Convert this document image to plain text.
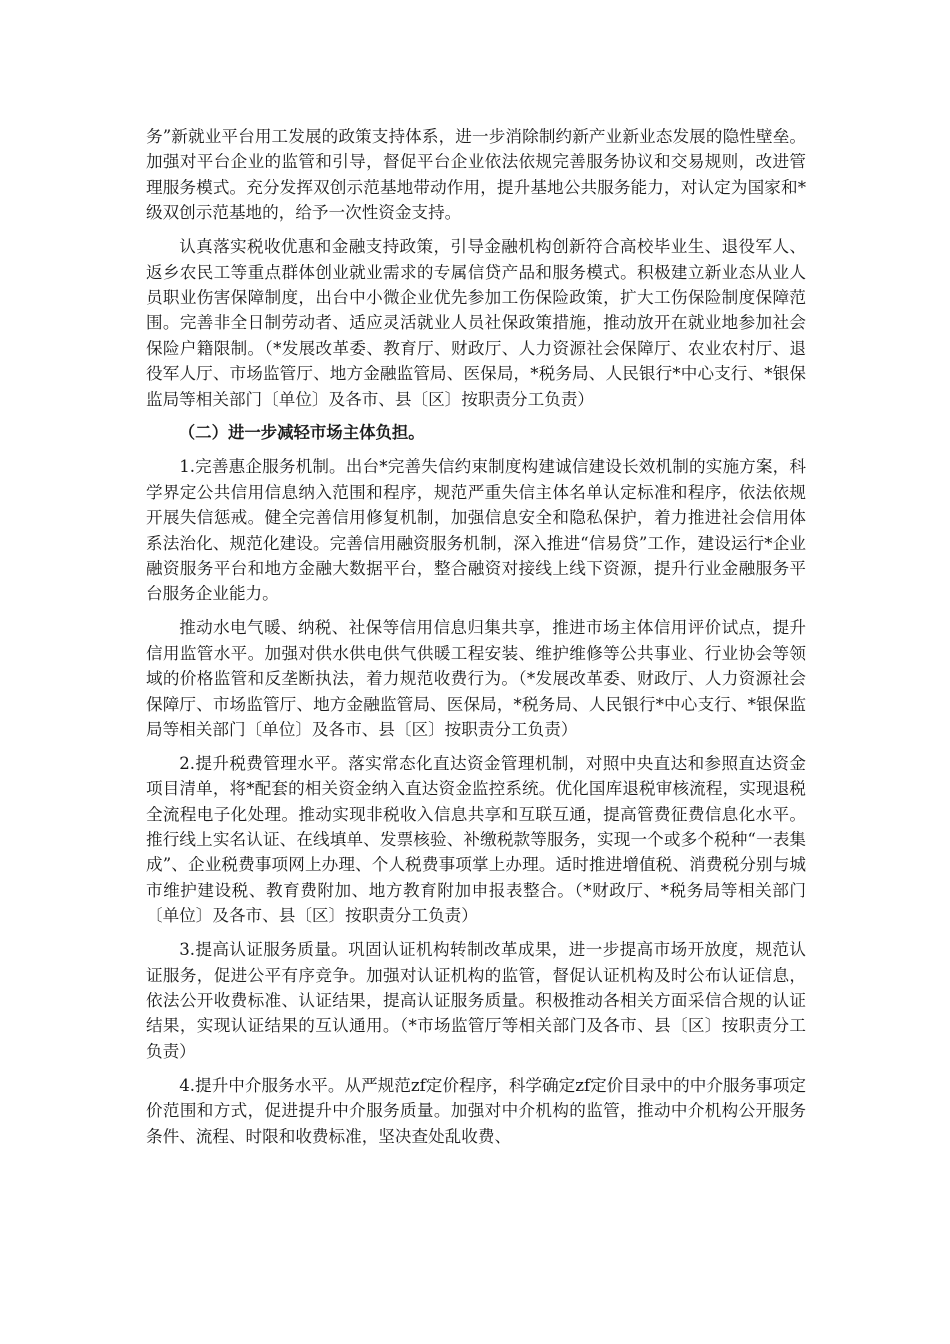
务”新就业平台用工发展的政策支持体系，进一步消除制约新产业新业态发展的隐性壁垒。加强对平台企业的监管和引导，督促平台企业依法依规完善服务协议和交易规则，改进管理服务模式。充分发挥双创示范基地带动作用，提升基地公共服务能力，对认定为国家和*级双创示范基地的，给予一次性资金支持。

认真落实税收优惠和金融支持政策，引导金融机构创新符合高校毕业生、退役军人、返乡农民工等重点群体创业就业需求的专属信贷产品和服务模式。积极建立新业态从业人员职业伤害保障制度，出台中小微企业优先参加工伤保险政策，扩大工伤保险制度保障范围。完善非全日制劳动者、适应灵活就业人员社保政策措施，推动放开在就业地参加社会保险户籍限制。（*发展改革委、教育厅、财政厅、人力资源社会保障厅、农业农村厅、退役军人厅、市场监管厅、地方金融监管局、医保局，*税务局、人民银行*中心支行、*银保监局等相关部门〔单位〕及各市、县〔区〕按职责分工负责）

（二）进一步减轻市场主体负担。

1.完善惠企服务机制。出台*完善失信约束制度构建诚信建设长效机制的实施方案，科学界定公共信用信息纳入范围和程序，规范严重失信主体名单认定标准和程序，依法依规开展失信惩戒。健全完善信用修复机制，加强信息安全和隐私保护，着力推进社会信用体系法治化、规范化建设。完善信用融资服务机制，深入推进“信易贷”工作，建设运行*企业融资服务平台和地方金融大数据平台，整合融资对接线上线下资源，提升行业金融服务平台服务企业能力。

推动水电气暖、纳税、社保等信用信息归集共享，推进市场主体信用评价试点，提升信用监管水平。加强对供水供电供气供暖工程安装、维护维修等公共事业、行业协会等领域的价格监管和反垄断执法，着力规范收费行为。（*发展改革委、财政厅、人力资源社会保障厅、市场监管厅、地方金融监管局、医保局，*税务局、人民银行*中心支行、*银保监局等相关部门〔单位〕及各市、县〔区〕按职责分工负责）

2.提升税费管理水平。落实常态化直达资金管理机制，对照中央直达和参照直达资金项目清单，将*配套的相关资金纳入直达资金监控系统。优化国库退税审核流程，实现退税全流程电子化处理。推动实现非税收入信息共享和互联互通，提高管费征费信息化水平。推行线上实名认证、在线填单、发票核验、补缴税款等服务，实现一个或多个税种“一表集成”、企业税费事项网上办理、个人税费事项掌上办理。适时推进增值税、消费税分别与城市维护建设税、教育费附加、地方教育附加申报表整合。（*财政厅、*税务局等相关部门〔单位〕及各市、县〔区〕按职责分工负责）

3.提高认证服务质量。巩固认证机构转制改革成果，进一步提高市场开放度，规范认证服务，促进公平有序竞争。加强对认证机构的监管，督促认证机构及时公布认证信息，依法公开收费标准、认证结果，提高认证服务质量。积极推动各相关方面采信合规的认证结果，实现认证结果的互认通用。（*市场监管厅等相关部门及各市、县〔区〕按职责分工负责）

4.提升中介服务水平。从严规范zf定价程序，科学确定zf定价目录中的中介服务事项定价范围和方式，促进提升中介服务质量。加强对中介机构的监管，推动中介机构公开服务条件、流程、时限和收费标准，坚决查处乱收费、
